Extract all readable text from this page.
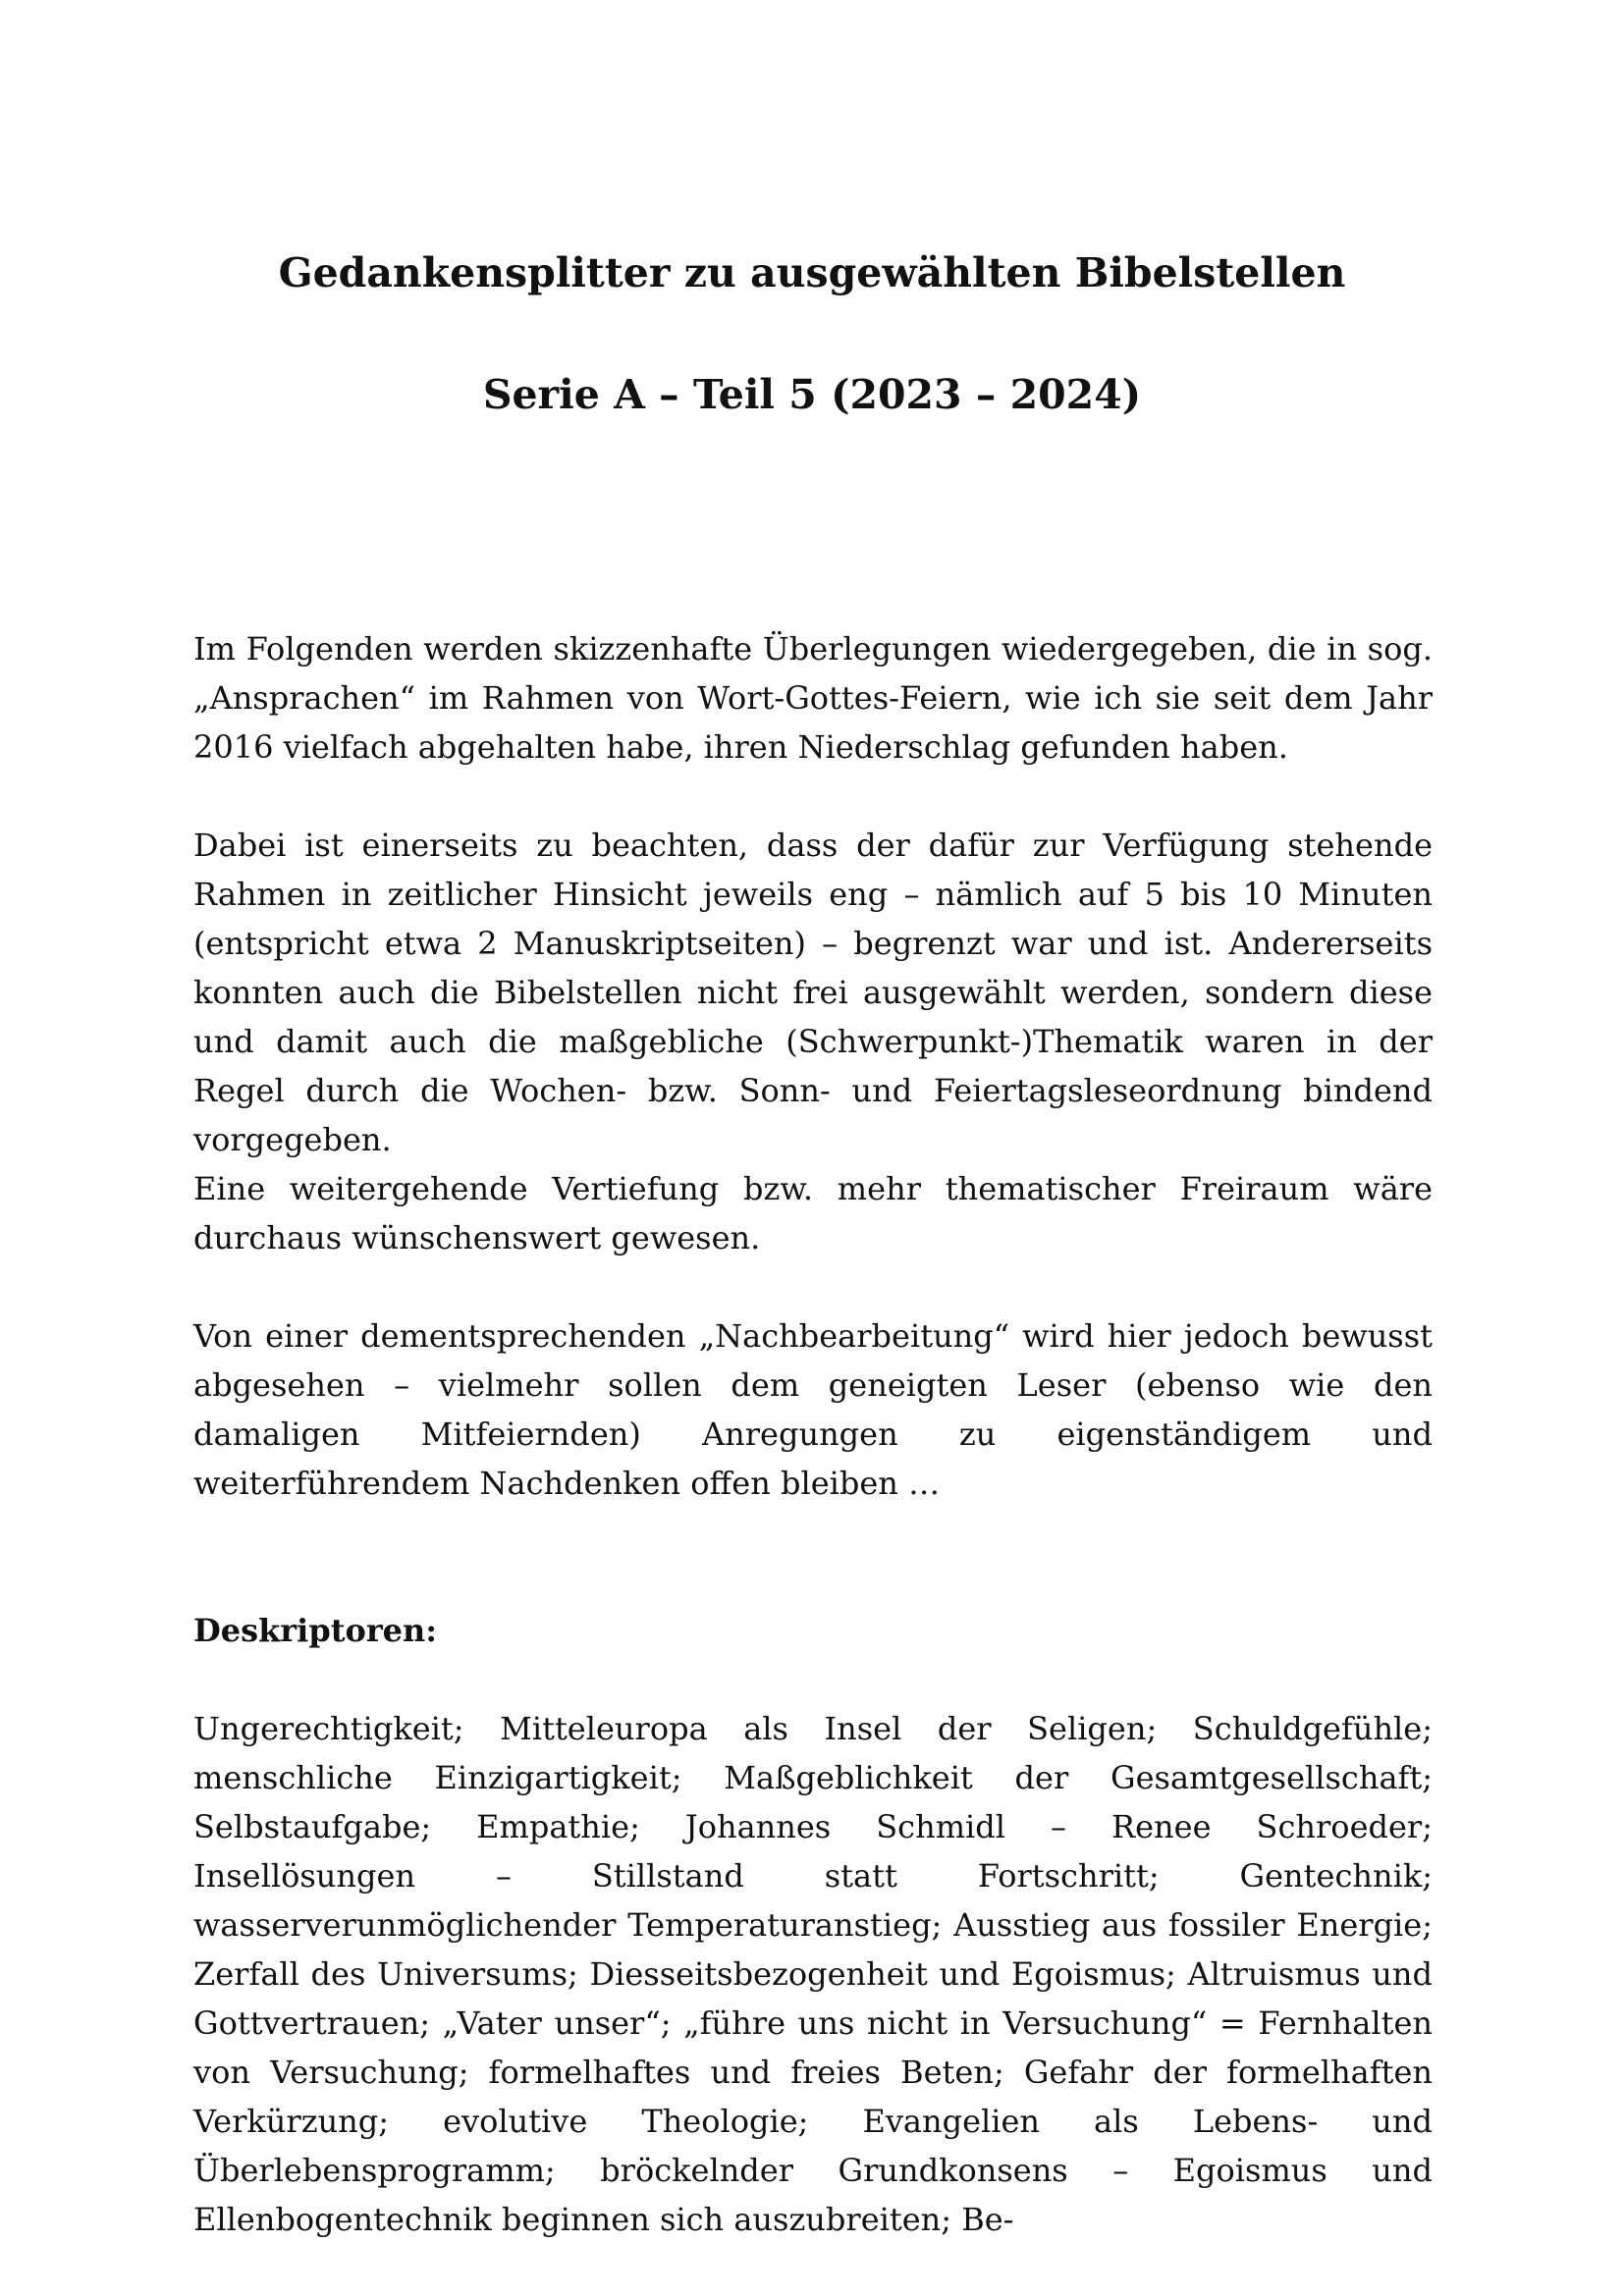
Gedankensplitter zu ausgewählten Bibelstellen
Serie A – Teil 5 (2023 – 2024)

Im Folgenden werden skizzenhafte Überlegungen wiedergegeben, die in sog. „Ansprachen“ im Rahmen von Wort-Gottes-Feiern, wie ich sie seit dem Jahr 2016 vielfach abgehalten habe, ihren Niederschlag gefunden haben.

Dabei ist einerseits zu beachten, dass der dafür zur Verfügung stehende Rahmen in zeitlicher Hinsicht jeweils eng – nämlich auf 5 bis 10 Minuten (entspricht etwa 2 Manuskriptseiten) – begrenzt war und ist. Andererseits konnten auch die Bibelstellen nicht frei ausgewählt werden, sondern diese und damit auch die maßgebliche (Schwerpunkt-)Thematik waren in der Regel durch die Wochen- bzw. Sonn- und Feiertagsleseordnung bindend vorgegeben.

Eine weitergehende Vertiefung bzw. mehr thematischer Freiraum wäre durchaus wünschenswert gewesen.

Von einer dementsprechenden „Nachbearbeitung“ wird hier jedoch bewusst abgesehen – vielmehr sollen dem geneigten Leser (ebenso wie den damaligen Mitfeiernden) Anregungen zu eigenständigem und weiterführendem Nachdenken offen bleiben …

Deskriptoren:

Ungerechtigkeit; Mitteleuropa als Insel der Seligen; Schuldgefühle; menschliche Einzigartigkeit; Maßgeblichkeit der Gesamtgesellschaft; Selbstaufgabe; Empathie; Johannes Schmidl – Renee Schroeder; Insellösungen – Stillstand statt Fortschritt; Gentechnik; wasserverunmöglichender Temperaturanstieg; Ausstieg aus fossiler Energie; Zerfall des Universums; Diesseitsbezogenheit und Egoismus; Altruismus und Gottvertrauen; „Vater unser“; „führe uns nicht in Versuchung“ = Fernhalten von Versuchung; formelhaftes und freies Beten; Gefahr der formelhaften Verkürzung; evolutive Theologie; Evangelien als Lebens- und Überlebensprogramm; bröckelnder Grundkonsens – Egoismus und Ellenbogentechnik beginnen sich auszubreiten; Be-
